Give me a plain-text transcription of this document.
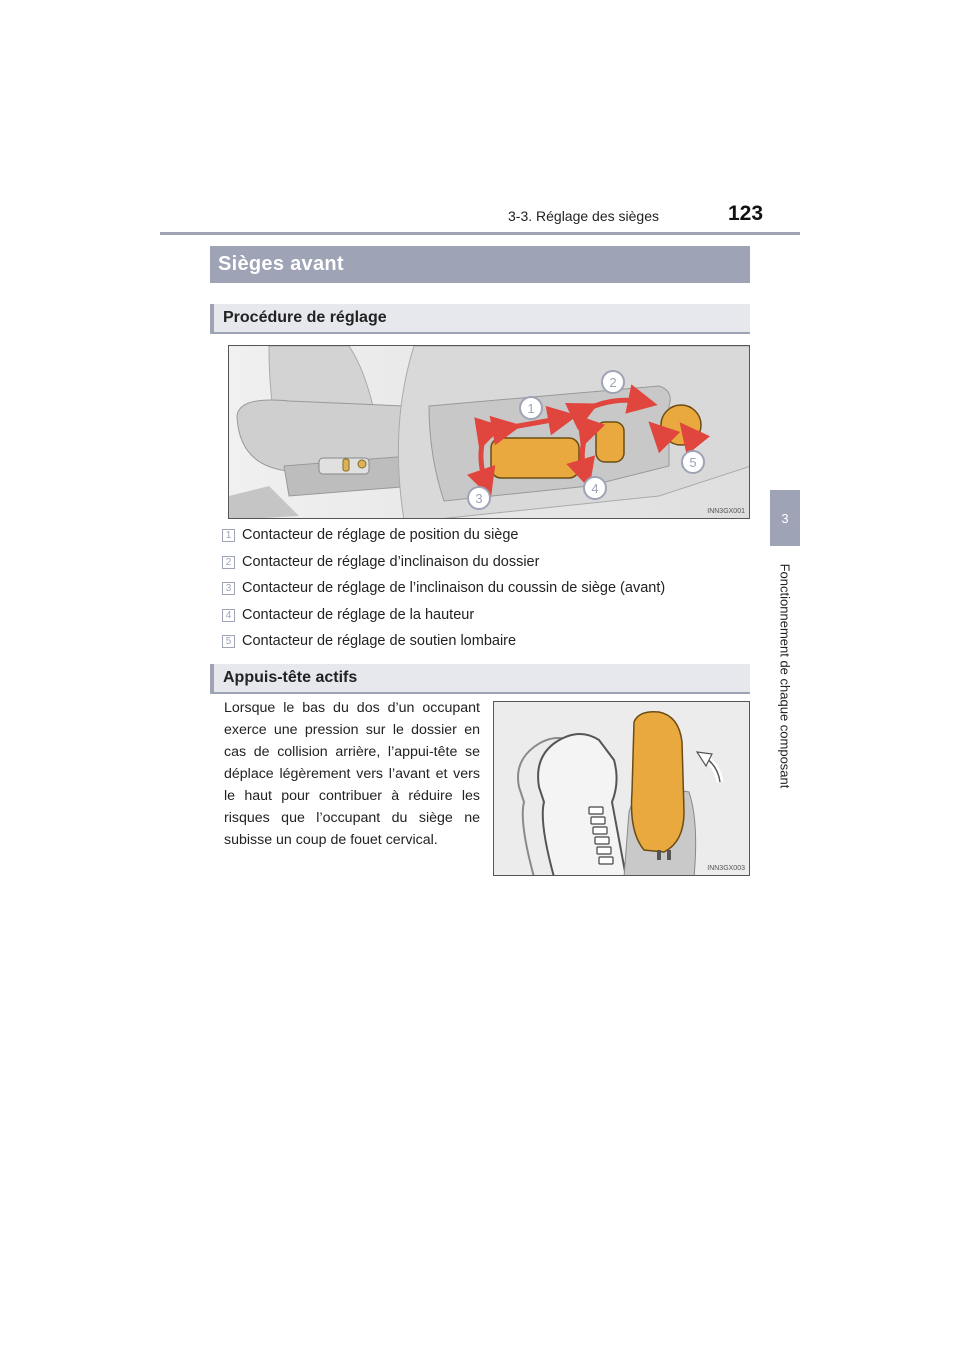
3-3. Réglage des sièges	123
3
Fonctionnement de chaque composant
Sièges avant
Procédure de réglage
1
2
3
4
5
INN3GX001
1 Contacteur de réglage de position du siège
2 Contacteur de réglage d’inclinaison du dossier
3 Contacteur de réglage de l’inclinaison du coussin de siège (avant)
4 Contacteur de réglage de la hauteur
5 Contacteur de réglage de soutien lombaire
Appuis-tête actifs
Lorsque le bas du dos d’un occupant exerce une pression sur le dossier en cas de collision arrière, l’appui-tête se déplace légèrement vers l’avant et vers le haut pour contribuer à réduire les risques que l’occupant du siège ne subisse un coup de fouet cervical.
INN3GX003
